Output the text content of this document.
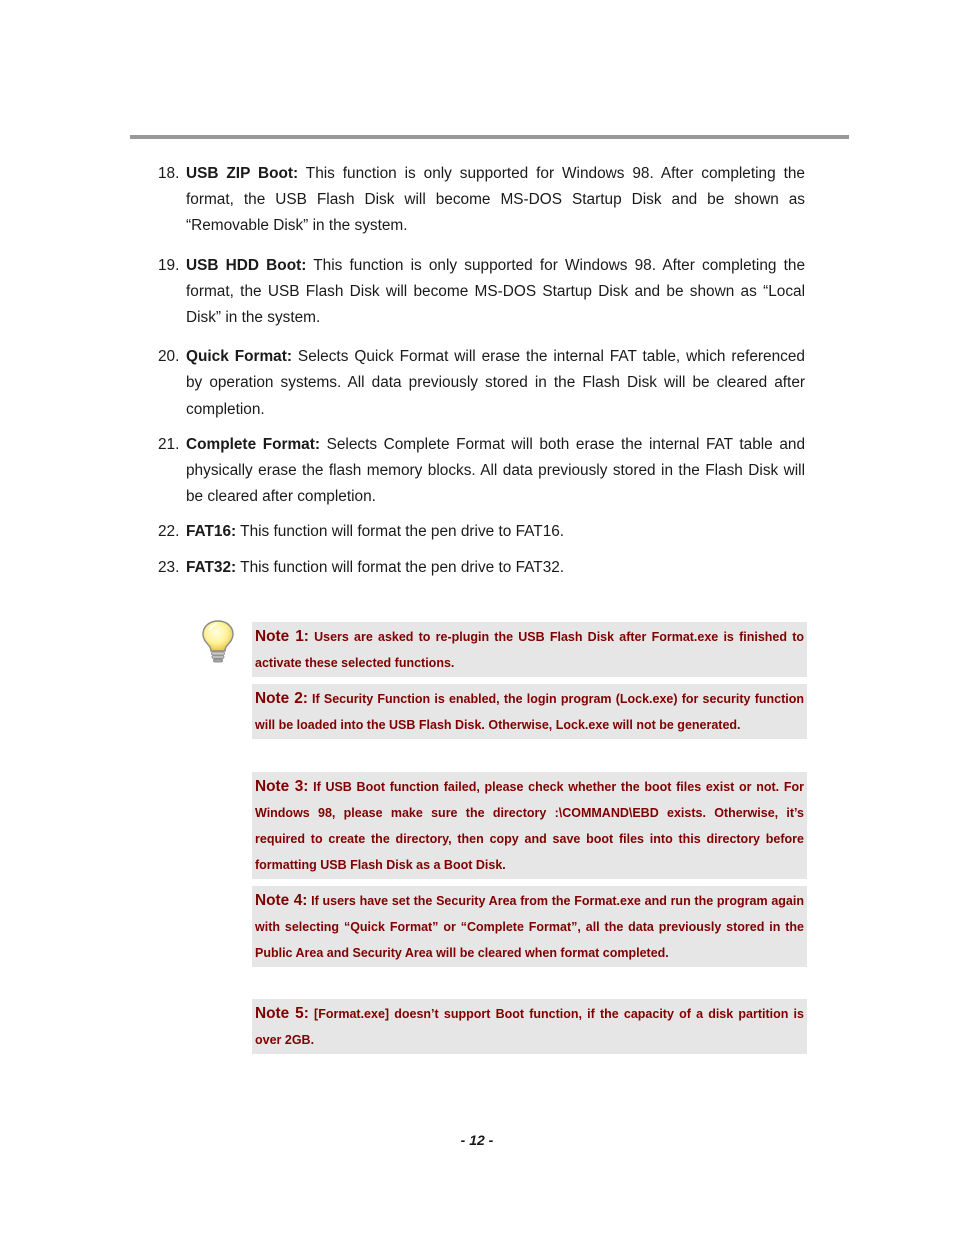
18. USB ZIP Boot: This function is only supported for Windows 98. After completing the format, the USB Flash Disk will become MS-DOS Startup Disk and be shown as “Removable Disk” in the system.
19. USB HDD Boot: This function is only supported for Windows 98. After completing the format, the USB Flash Disk will become MS-DOS Startup Disk and be shown as “Local Disk” in the system.
20. Quick Format: Selects Quick Format will erase the internal FAT table, which referenced by operation systems. All data previously stored in the Flash Disk will be cleared after completion.
21. Complete Format: Selects Complete Format will both erase the internal FAT table and physically erase the flash memory blocks. All data previously stored in the Flash Disk will be cleared after completion.
22. FAT16: This function will format the pen drive to FAT16.
23. FAT32: This function will format the pen drive to FAT32.
Note 1: Users are asked to re-plugin the USB Flash Disk after Format.exe is finished to activate these selected functions.
Note 2: If Security Function is enabled, the login program (Lock.exe) for security function will be loaded into the USB Flash Disk. Otherwise, Lock.exe will not be generated.
Note 3: If USB Boot function failed, please check whether the boot files exist or not. For Windows 98, please make sure the directory :\COMMAND\EBD exists. Otherwise, it’s required to create the directory, then copy and save boot files into this directory before formatting USB Flash Disk as a Boot Disk.
Note 4: If users have set the Security Area from the Format.exe and run the program again with selecting “Quick Format” or “Complete Format”, all the data previously stored in the Public Area and Security Area will be cleared when format completed.
Note 5: [Format.exe] doesn’t support Boot function, if the capacity of a disk partition is over 2GB.
- 12 -
